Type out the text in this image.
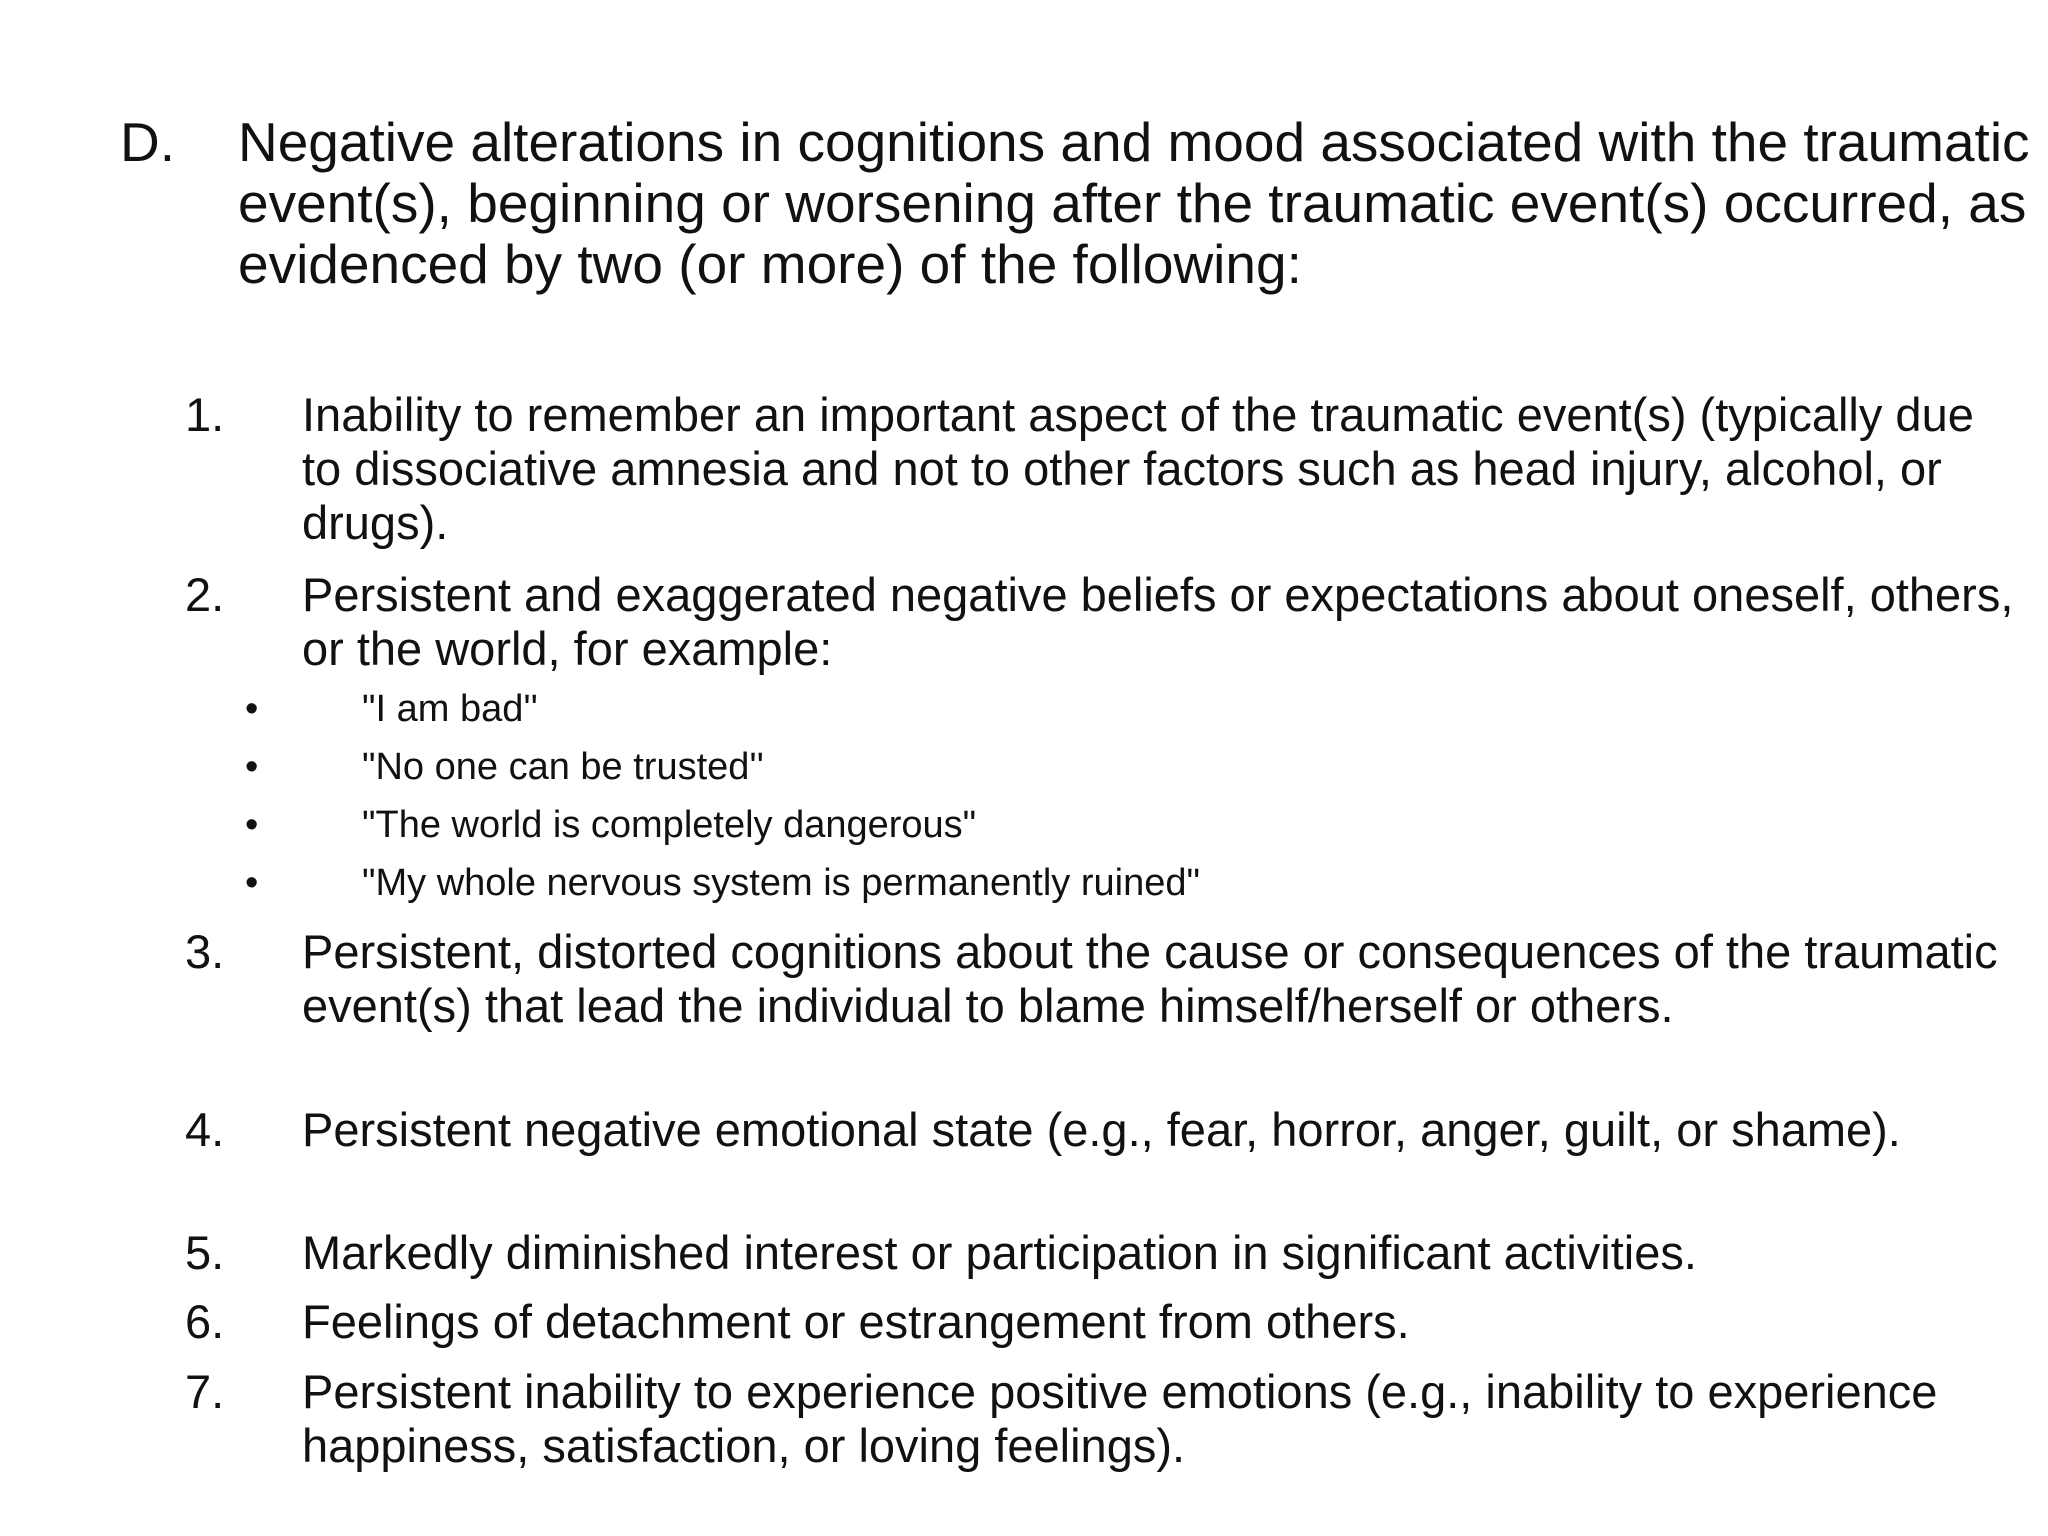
D. Negative alterations in cognitions and mood associated with the traumatic event(s), beginning or worsening after the traumatic event(s) occurred, as evidenced by two (or more) of the following:
1. Inability to remember an important aspect of the traumatic event(s) (typically due to dissociative amnesia and not to other factors such as head injury, alcohol, or drugs).
2. Persistent and exaggerated negative beliefs or expectations about oneself, others, or the world, for example:
•	"I am bad''
•	"No one can be trusted''
•	"The world is completely dangerous"
•	"My whole nervous system is permanently ruined"
3. Persistent, distorted cognitions about the cause or consequences of the traumatic event(s) that lead the individual to blame himself/herself or others.
4. Persistent negative emotional state (e.g., fear, horror, anger, guilt, or shame).
5. Markedly diminished interest or participation in significant activities.
6. Feelings of detachment or estrangement from others.
7. Persistent inability to experience positive emotions (e.g., inability to experience happiness, satisfaction, or loving feelings).
